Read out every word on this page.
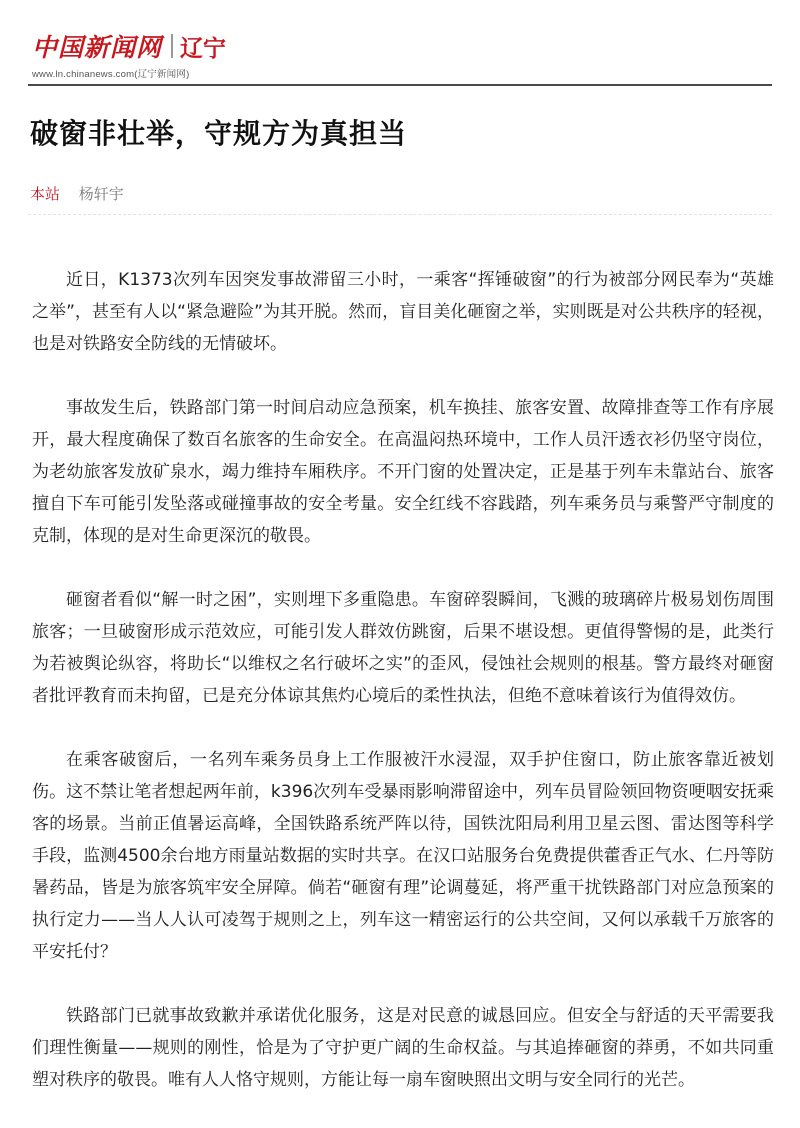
中国新闻网 辽宁
www.ln.chinanews.com(辽宁新闻网)
破窗非壮举，守规方为真担当
本站 杨轩宇

近日，K1373次列车因突发事故滞留三小时，一乘客“挥锤破窗”的行为被部分网民奉为“英雄之举”，甚至有人以“紧急避险”为其开脱。然而，盲目美化砸窗之举，实则既是对公共秩序的轻视，也是对铁路安全防线的无情破坏。

事故发生后，铁路部门第一时间启动应急预案，机车换挂、旅客安置、故障排查等工作有序展开，最大程度确保了数百名旅客的生命安全。在高温闷热环境中，工作人员汗透衣衫仍坚守岗位，为老幼旅客发放矿泉水，竭力维持车厢秩序。不开门窗的处置决定，正是基于列车未靠站台、旅客擅自下车可能引发坠落或碰撞事故的安全考量。安全红线不容践踏，列车乘务员与乘警严守制度的克制，体现的是对生命更深沉的敬畏。

砸窗者看似“解一时之困”，实则埋下多重隐患。车窗碎裂瞬间，飞溅的玻璃碎片极易划伤周围旅客；一旦破窗形成示范效应，可能引发人群效仿跳窗，后果不堪设想。更值得警惕的是，此类行为若被舆论纵容，将助长“以维权之名行破坏之实”的歪风，侵蚀社会规则的根基。警方最终对砸窗者批评教育而未拘留，已是充分体谅其焦灼心境后的柔性执法，但绝不意味着该行为值得效仿。

在乘客破窗后，一名列车乘务员身上工作服被汗水浸湿，双手护住窗口，防止旅客靠近被划伤。这不禁让笔者想起两年前，k396次列车受暴雨影响滞留途中，列车员冒险领回物资哽咽安抚乘客的场景。当前正值暑运高峰，全国铁路系统严阵以待，国铁沈阳局利用卫星云图、雷达图等科学手段，监测4500余台地方雨量站数据的实时共享。在汉口站服务台免费提供藿香正气水、仁丹等防暑药品，皆是为旅客筑牢安全屏障。倘若“砸窗有理”论调蔓延，将严重干扰铁路部门对应急预案的执行定力——当人人认可凌驾于规则之上，列车这一精密运行的公共空间，又何以承载千万旅客的平安托付？

铁路部门已就事故致歉并承诺优化服务，这是对民意的诚恳回应。但安全与舒适的天平需要我们理性衡量——规则的刚性，恰是为了守护更广阔的生命权益。与其追捧砸窗的莽勇，不如共同重塑对秩序的敬畏。唯有人人恪守规则，方能让每一扇车窗映照出文明与安全同行的光芒。
